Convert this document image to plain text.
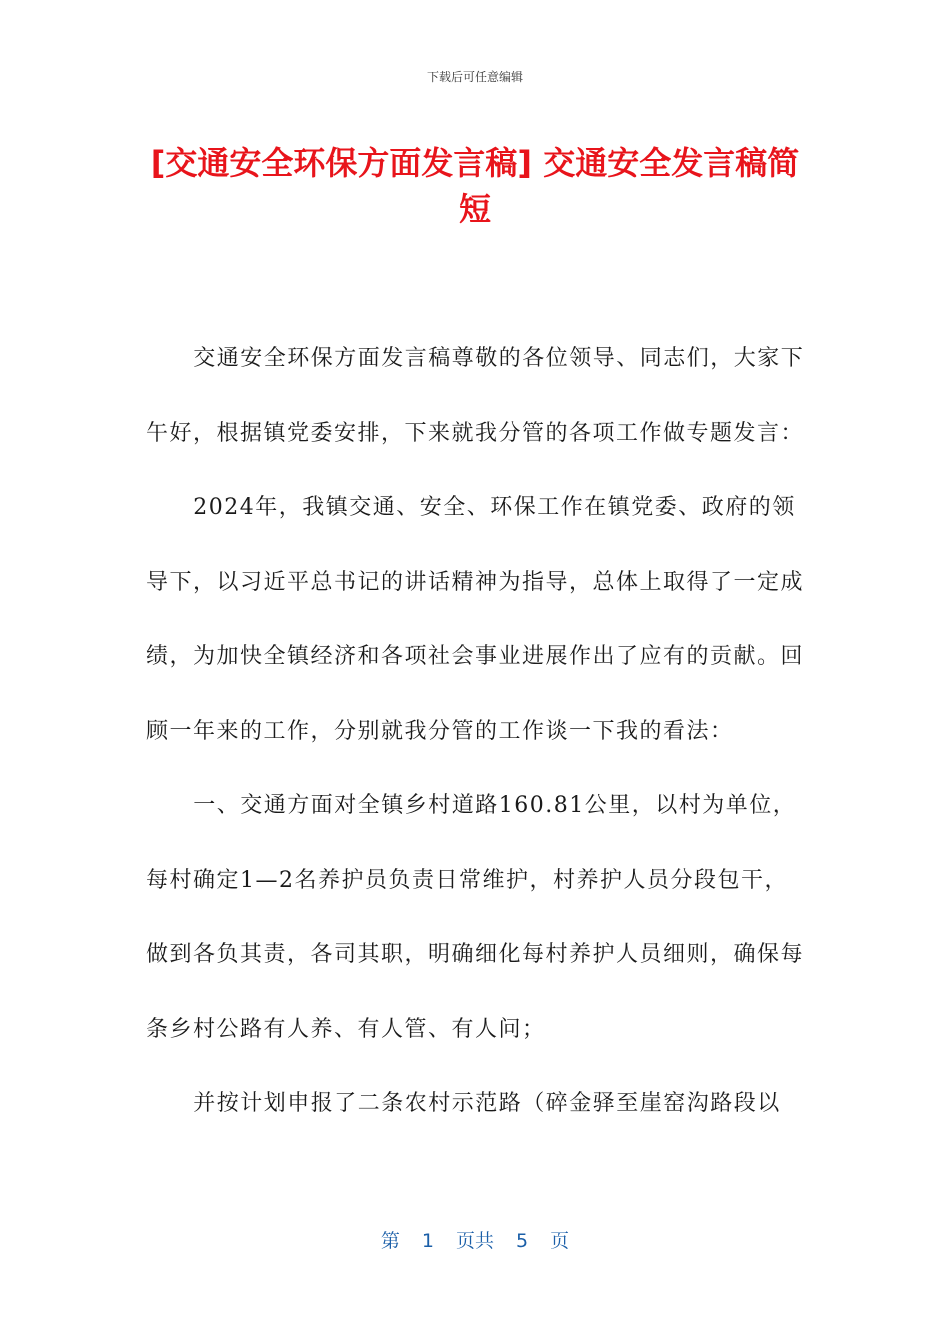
下载后可任意编辑
[交通安全环保方面发言稿] 交通安全发言稿简短

交通安全环保方面发言稿尊敬的各位领导、同志们，大家下午好，根据镇党委安排，下来就我分管的各项工作做专题发言：

2024年，我镇交通、安全、环保工作在镇党委、政府的领导下，以习近平总书记的讲话精神为指导，总体上取得了一定成绩，为加快全镇经济和各项社会事业进展作出了应有的贡献。回顾一年来的工作，分别就我分管的工作谈一下我的看法：

一、交通方面对全镇乡村道路160.81公里，以村为单位，每村确定1—2名养护员负责日常维护，村养护人员分段包干，做到各负其责，各司其职，明确细化每村养护人员细则，确保每条乡村公路有人养、有人管、有人问；

并按计划申报了二条农村示范路（碎金驿至崖窑沟路段以

第 1 页共 5 页
